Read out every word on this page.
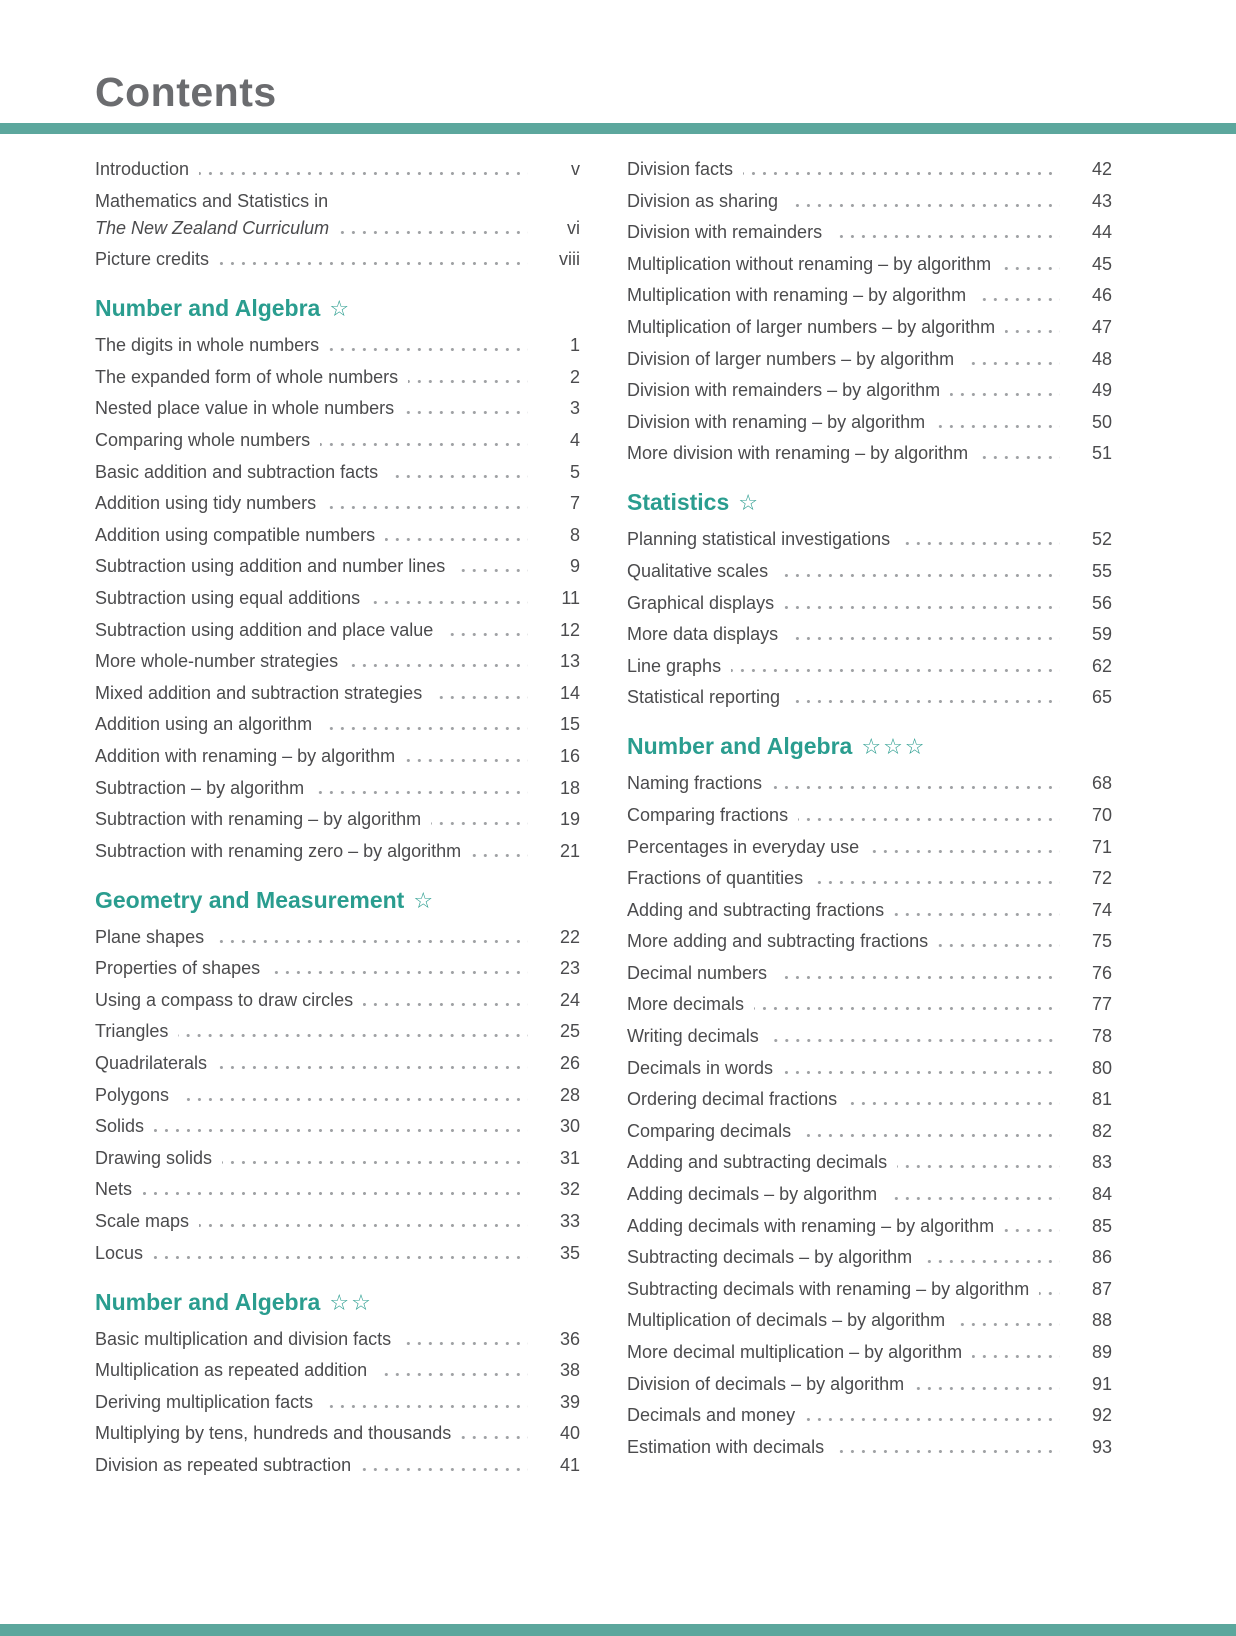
Contents
Introduction	v
Mathematics and Statistics in
The New Zealand Curriculum	vi
Picture credits	viii
Number and Algebra ☆
The digits in whole numbers	1
The expanded form of whole numbers	2
Nested place value in whole numbers	3
Comparing whole numbers	4
Basic addition and subtraction facts	5
Addition using tidy numbers	7
Addition using compatible numbers	8
Subtraction using addition and number lines	9
Subtraction using equal additions	11
Subtraction using addition and place value	12
More whole-number strategies	13
Mixed addition and subtraction strategies	14
Addition using an algorithm	15
Addition with renaming – by algorithm	16
Subtraction – by algorithm	18
Subtraction with renaming – by algorithm	19
Subtraction with renaming zero – by algorithm	21
Geometry and Measurement ☆
Plane shapes	22
Properties of shapes	23
Using a compass to draw circles	24
Triangles	25
Quadrilaterals	26
Polygons	28
Solids	30
Drawing solids	31
Nets	32
Scale maps	33
Locus	35
Number and Algebra ☆☆
Basic multiplication and division facts	36
Multiplication as repeated addition	38
Deriving multiplication facts	39
Multiplying by tens, hundreds and thousands	40
Division as repeated subtraction	41
Division facts	42
Division as sharing	43
Division with remainders	44
Multiplication without renaming – by algorithm	45
Multiplication with renaming – by algorithm	46
Multiplication of larger numbers – by algorithm	47
Division of larger numbers – by algorithm	48
Division with remainders – by algorithm	49
Division with renaming – by algorithm	50
More division with renaming – by algorithm	51
Statistics ☆
Planning statistical investigations	52
Qualitative scales	55
Graphical displays	56
More data displays	59
Line graphs	62
Statistical reporting	65
Number and Algebra ☆☆☆
Naming fractions	68
Comparing fractions	70
Percentages in everyday use	71
Fractions of quantities	72
Adding and subtracting fractions	74
More adding and subtracting fractions	75
Decimal numbers	76
More decimals	77
Writing decimals	78
Decimals in words	80
Ordering decimal fractions	81
Comparing decimals	82
Adding and subtracting decimals	83
Adding decimals – by algorithm	84
Adding decimals with renaming – by algorithm	85
Subtracting decimals – by algorithm	86
Subtracting decimals with renaming – by algorithm	87
Multiplication of decimals – by algorithm	88
More decimal multiplication – by algorithm	89
Division of decimals – by algorithm	91
Decimals and money	92
Estimation with decimals	93
